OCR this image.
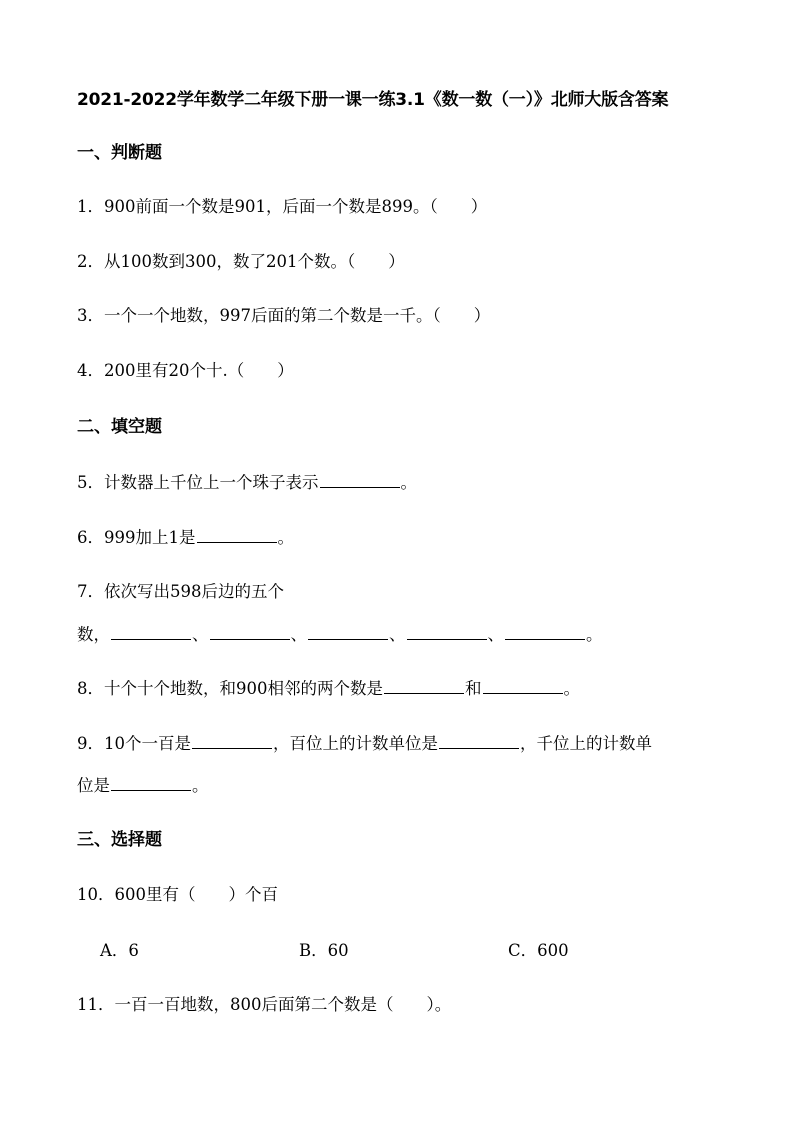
2021-2022学年数学二年级下册一课一练3.1《数一数（一）》北师大版含答案
一、判断题
1．900前面一个数是901，后面一个数是899。（　　）
2．从100数到300，数了201个数。（　　）
3．一个一个地数，997后面的第二个数是一千。（　　）
4．200里有20个十.（　　）
二、填空题
5．计数器上千位上一个珠子表示	。
6．999加上1是	。
7．依次写出598后边的五个
数，	、	、	、	、	。
8．十个十个地数，和900相邻的两个数是	和	。
9．10个一百是	，百位上的计数单位是	，千位上的计数单
位是	。
三、选择题
10．600里有（　　）个百
A．6	B．60	C．600
11．一百一百地数，800后面第二个数是（　　）。
